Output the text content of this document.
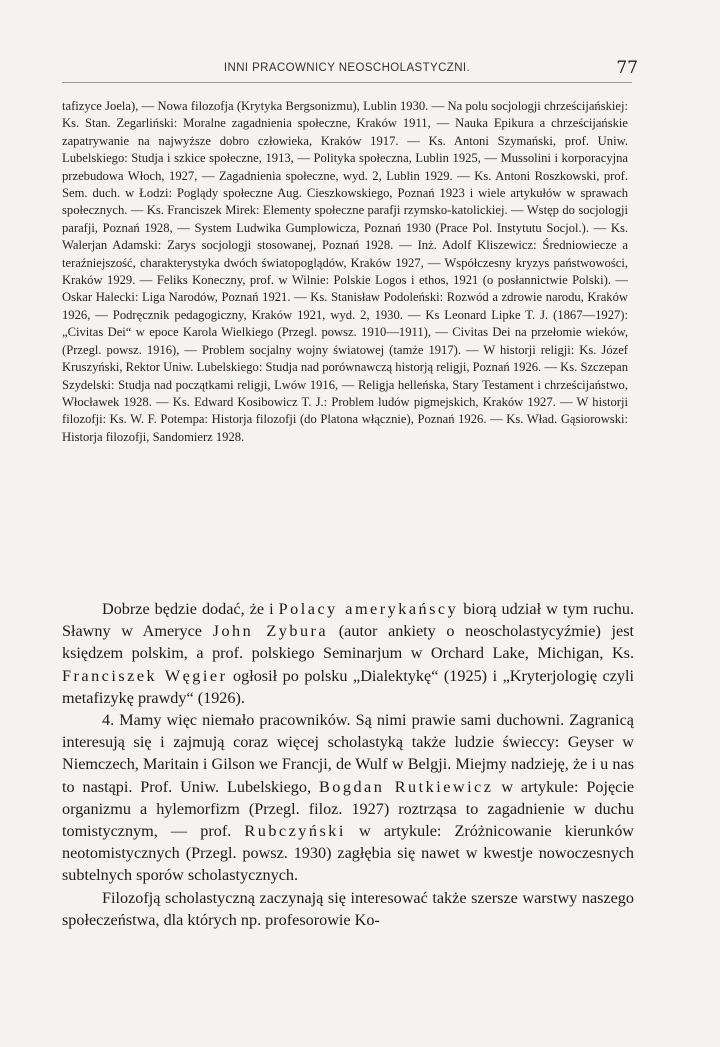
INNI PRACOWNICY NEOSCHOLASTYCZNI.	77

tafizyce Joela), — Nowa filozofja (Krytyka Bergsonizmu), Lublin 1930. — Na polu socjologji chrześcijańskiej: Ks. Stan. Zegarliński: Moralne zagadnienia społeczne, Kraków 1911, — Nauka Epikura a chrześcijańskie zapatrywanie na najwyższe dobro człowieka, Kraków 1917. — Ks. Antoni Szymański, prof. Uniw. Lubelskiego: Studja i szkice społeczne, 1913, — Polityka społeczna, Lublin 1925, — Mussolini i korporacyjna przebudowa Włoch, 1927, — Zagadnienia społeczne, wyd. 2, Lublin 1929. — Ks. Antoni Roszkowski, prof. Sem. duch. w Łodzi: Poglądy społeczne Aug. Cieszkowskiego, Poznań 1923 i wiele artykułów w sprawach społecznych. — Ks. Franciszek Mirek: Elementy społeczne parafji rzymsko-katolickiej. — Wstęp do socjologji parafji, Poznań 1928, — System Ludwika Gumplowicza, Poznań 1930 (Prace Pol. Instytutu Socjol.). — Ks. Walerjan Adamski: Zarys socjologji stosowanej, Poznań 1928. — Inż. Adolf Kliszewicz: Średniowiecze a teraźniejszość, charakterystyka dwóch światopoglądów, Kraków 1927, — Współczesny kryzys państwowości, Kraków 1929. — Feliks Koneczny, prof. w Wilnie: Polskie Logos i ethos, 1921 (o posłannictwie Polski). — Oskar Halecki: Liga Narodów, Poznań 1921. — Ks. Stanisław Podoleński: Rozwód a zdrowie narodu, Kraków 1926, — Podręcznik pedagogiczny, Kraków 1921, wyd. 2, 1930. — Ks Leonard Lipke T. J. (1867—1927): „Civitas Dei“ w epoce Karola Wielkiego (Przegl. powsz. 1910—1911), — Civitas Dei na przełomie wieków, (Przegl. powsz. 1916), — Problem socjalny wojny światowej (tamże 1917). — W historji religji: Ks. Józef Kruszyński, Rektor Uniw. Lubelskiego: Studja nad porównawczą historją religji, Poznań 1926. — Ks. Szczepan Szydelski: Studja nad początkami religji, Lwów 1916, — Religja helleńska, Stary Testament i chrześcijaństwo, Włocławek 1928. — Ks. Edward Kosibowicz T. J.: Problem ludów pigmejskich, Kraków 1927. — W historji filozofji: Ks. W. F. Potempa: Historja filozofji (do Platona włącznie), Poznań 1926. — Ks. Wład. Gąsiorowski: Historja filozofji, Sandomierz 1928.

Dobrze będzie dodać, że i Polacy amerykańscy biorą udział w tym ruchu. Sławny w Ameryce John Zybura (autor ankiety o neoscholastycyźmie) jest księdzem polskim, a prof. polskiego Seminarjum w Orchard Lake, Michigan, Ks. Franciszek Węgier ogłosił po polsku „Dialektykę“ (1925) i „Kryterjologię czyli metafizykę prawdy“ (1926).

4. Mamy więc niemało pracowników. Są nimi prawie sami duchowni. Zagranicą interesują się i zajmują coraz więcej scholastyką także ludzie świeccy: Geyser w Niemczech, Maritain i Gilson we Francji, de Wulf w Belgji. Miejmy nadzieję, że i u nas to nastąpi. Prof. Uniw. Lubelskiego, Bogdan Rutkiewicz w artykule: Pojęcie organizmu a hylemorfizm (Przegl. filoz. 1927) roztrząsa to zagadnienie w duchu tomistycznym, — prof. Rubczyński w artykule: Zróżnicowanie kierunków neotomistycznych (Przegl. powsz. 1930) zagłębia się nawet w kwestje nowoczesnych subtelnych sporów scholastycznych.

Filozofją scholastyczną zaczynają się interesować także szersze warstwy naszego społeczeństwa, dla których np. profesorowie Ko-
